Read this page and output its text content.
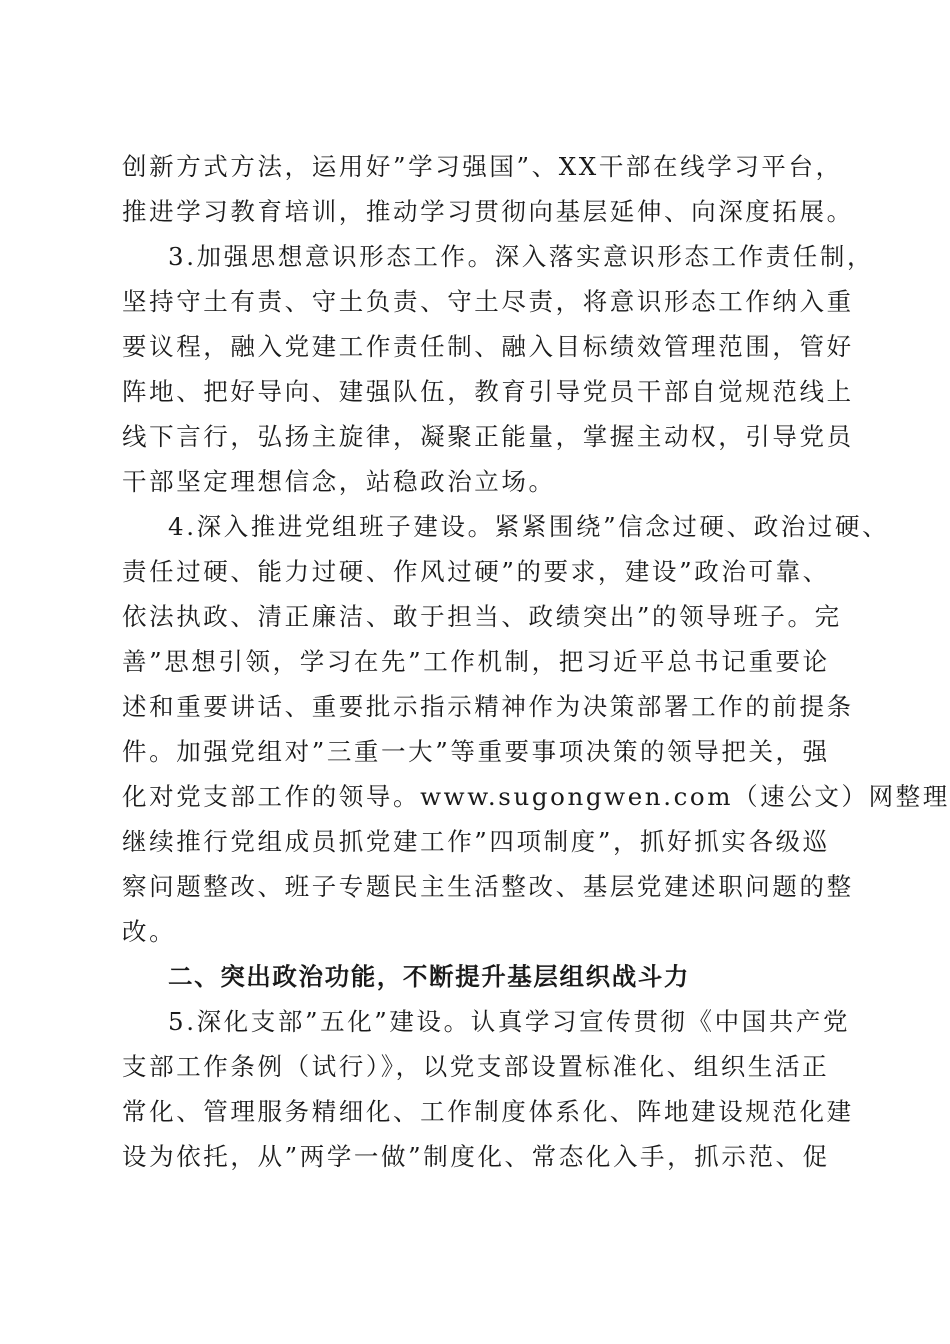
创新方式方法，运用好”学习强国”、XX干部在线学习平台，
推进学习教育培训，推动学习贯彻向基层延伸、向深度拓展。
3.加强思想意识形态工作。深入落实意识形态工作责任制，
坚持守土有责、守土负责、守土尽责，将意识形态工作纳入重
要议程，融入党建工作责任制、融入目标绩效管理范围，管好
阵地、把好导向、建强队伍，教育引导党员干部自觉规范线上
线下言行，弘扬主旋律，凝聚正能量，掌握主动权，引导党员
干部坚定理想信念，站稳政治立场。
4.深入推进党组班子建设。紧紧围绕”信念过硬、政治过硬、
责任过硬、能力过硬、作风过硬”的要求，建设”政治可靠、
依法执政、清正廉洁、敢于担当、政绩突出”的领导班子。完
善”思想引领，学习在先”工作机制，把习近平总书记重要论
述和重要讲话、重要批示指示精神作为决策部署工作的前提条
件。加强党组对”三重一大”等重要事项决策的领导把关，强
化对党支部工作的领导。www.sugongwen.com（速公文）网整理
继续推行党组成员抓党建工作”四项制度”，抓好抓实各级巡
察问题整改、班子专题民主生活整改、基层党建述职问题的整
改。
二、突出政治功能，不断提升基层组织战斗力
5.深化支部”五化”建设。认真学习宣传贯彻《中国共产党
支部工作条例（试行）》，以党支部设置标准化、组织生活正
常化、管理服务精细化、工作制度体系化、阵地建设规范化建
设为依托，从”两学一做”制度化、常态化入手，抓示范、促
